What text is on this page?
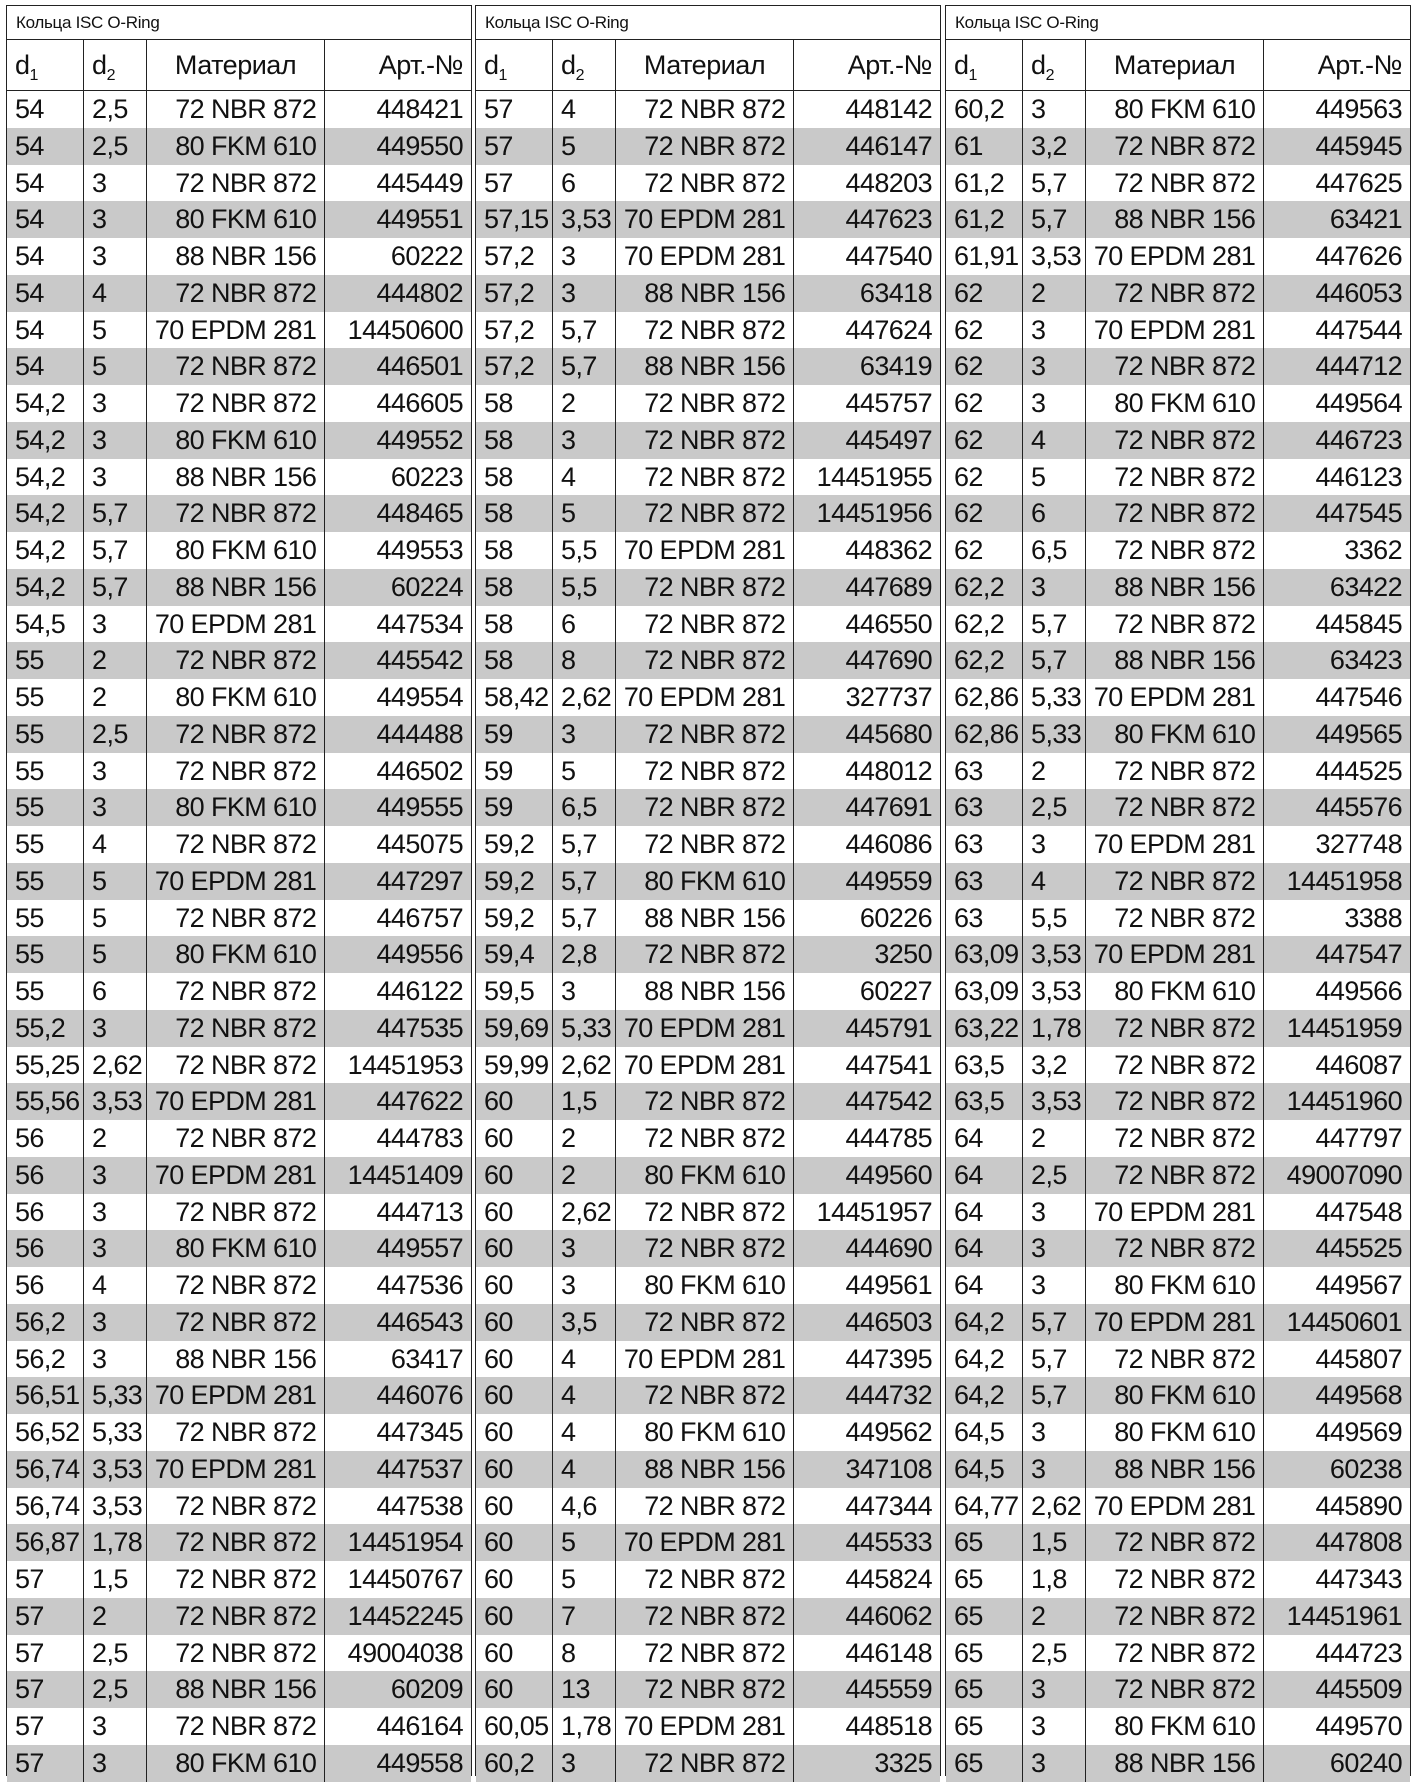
Кольца ISC O-Ring
$d_1$	$d_2$	Материал	Арт.-№
54	2,5	72 NBR 872	448421
54	2,5	80 FKM 610	449550
54	3	72 NBR 872	445449
54	3	80 FKM 610	449551
54	3	88 NBR 156	60222
54	4	72 NBR 872	444802
54	5	70 EPDM 281	14450600
54	5	72 NBR 872	446501
54,2	3	72 NBR 872	446605
54,2	3	80 FKM 610	449552
54,2	3	88 NBR 156	60223
54,2	5,7	72 NBR 872	448465
54,2	5,7	80 FKM 610	449553
54,2	5,7	88 NBR 156	60224
54,5	3	70 EPDM 281	447534
55	2	72 NBR 872	445542
55	2	80 FKM 610	449554
55	2,5	72 NBR 872	444488
55	3	72 NBR 872	446502
55	3	80 FKM 610	449555
55	4	72 NBR 872	445075
55	5	70 EPDM 281	447297
55	5	72 NBR 872	446757
55	5	80 FKM 610	449556
55	6	72 NBR 872	446122
55,2	3	72 NBR 872	447535
55,25	2,62	72 NBR 872	14451953
55,56	3,53	70 EPDM 281	447622
56	2	72 NBR 872	444783
56	3	70 EPDM 281	14451409
56	3	72 NBR 872	444713
56	3	80 FKM 610	449557
56	4	72 NBR 872	447536
56,2	3	72 NBR 872	446543
56,2	3	88 NBR 156	63417
56,51	5,33	70 EPDM 281	446076
56,52	5,33	72 NBR 872	447345
56,74	3,53	70 EPDM 281	447537
56,74	3,53	72 NBR 872	447538
56,87	1,78	72 NBR 872	14451954
57	1,5	72 NBR 872	14450767
57	2	72 NBR 872	14452245
57	2,5	72 NBR 872	49004038
57	2,5	88 NBR 156	60209
57	3	72 NBR 872	446164
57	3	80 FKM 610	449558
Кольца ISC O-Ring
$d_1$	$d_2$	Материал	Арт.-№
57	4	72 NBR 872	448142
57	5	72 NBR 872	446147
57	6	72 NBR 872	448203
57,15	3,53	70 EPDM 281	447623
57,2	3	70 EPDM 281	447540
57,2	3	88 NBR 156	63418
57,2	5,7	72 NBR 872	447624
57,2	5,7	88 NBR 156	63419
58	2	72 NBR 872	445757
58	3	72 NBR 872	445497
58	4	72 NBR 872	14451955
58	5	72 NBR 872	14451956
58	5,5	70 EPDM 281	448362
58	5,5	72 NBR 872	447689
58	6	72 NBR 872	446550
58	8	72 NBR 872	447690
58,42	2,62	70 EPDM 281	327737
59	3	72 NBR 872	445680
59	5	72 NBR 872	448012
59	6,5	72 NBR 872	447691
59,2	5,7	72 NBR 872	446086
59,2	5,7	80 FKM 610	449559
59,2	5,7	88 NBR 156	60226
59,4	2,8	72 NBR 872	3250
59,5	3	88 NBR 156	60227
59,69	5,33	70 EPDM 281	445791
59,99	2,62	70 EPDM 281	447541
60	1,5	72 NBR 872	447542
60	2	72 NBR 872	444785
60	2	80 FKM 610	449560
60	2,62	72 NBR 872	14451957
60	3	72 NBR 872	444690
60	3	80 FKM 610	449561
60	3,5	72 NBR 872	446503
60	4	70 EPDM 281	447395
60	4	72 NBR 872	444732
60	4	80 FKM 610	449562
60	4	88 NBR 156	347108
60	4,6	72 NBR 872	447344
60	5	70 EPDM 281	445533
60	5	72 NBR 872	445824
60	7	72 NBR 872	446062
60	8	72 NBR 872	446148
60	13	72 NBR 872	445559
60,05	1,78	70 EPDM 281	448518
60,2	3	72 NBR 872	3325
Кольца ISC O-Ring
$d_1$	$d_2$	Материал	Арт.-№
60,2	3	80 FKM 610	449563
61	3,2	72 NBR 872	445945
61,2	5,7	72 NBR 872	447625
61,2	5,7	88 NBR 156	63421
61,91	3,53	70 EPDM 281	447626
62	2	72 NBR 872	446053
62	3	70 EPDM 281	447544
62	3	72 NBR 872	444712
62	3	80 FKM 610	449564
62	4	72 NBR 872	446723
62	5	72 NBR 872	446123
62	6	72 NBR 872	447545
62	6,5	72 NBR 872	3362
62,2	3	88 NBR 156	63422
62,2	5,7	72 NBR 872	445845
62,2	5,7	88 NBR 156	63423
62,86	5,33	70 EPDM 281	447546
62,86	5,33	80 FKM 610	449565
63	2	72 NBR 872	444525
63	2,5	72 NBR 872	445576
63	3	70 EPDM 281	327748
63	4	72 NBR 872	14451958
63	5,5	72 NBR 872	3388
63,09	3,53	70 EPDM 281	447547
63,09	3,53	80 FKM 610	449566
63,22	1,78	72 NBR 872	14451959
63,5	3,2	72 NBR 872	446087
63,5	3,53	72 NBR 872	14451960
64	2	72 NBR 872	447797
64	2,5	72 NBR 872	49007090
64	3	70 EPDM 281	447548
64	3	72 NBR 872	445525
64	3	80 FKM 610	449567
64,2	5,7	70 EPDM 281	14450601
64,2	5,7	72 NBR 872	445807
64,2	5,7	80 FKM 610	449568
64,5	3	80 FKM 610	449569
64,5	3	88 NBR 156	60238
64,77	2,62	70 EPDM 281	445890
65	1,5	72 NBR 872	447808
65	1,8	72 NBR 872	447343
65	2	72 NBR 872	14451961
65	2,5	72 NBR 872	444723
65	3	72 NBR 872	445509
65	3	80 FKM 610	449570
65	3	88 NBR 156	60240
